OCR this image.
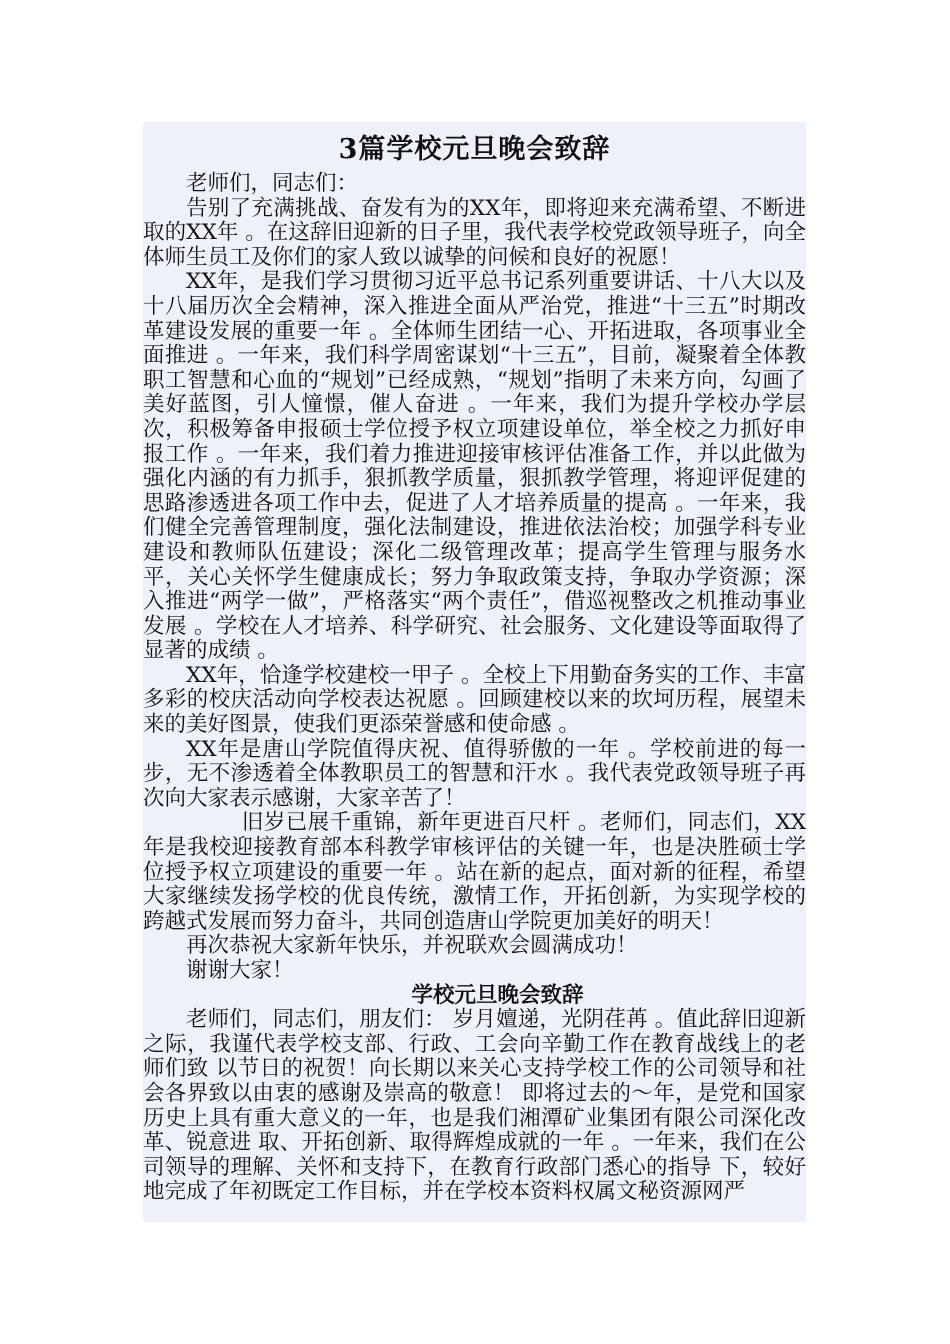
3篇学校元旦晚会致辞

老师们，同志们：

告别了充满挑战、奋发有为的XX年，即将迎来充满希望、不断进取的XX年 。在这辞旧迎新的日子里，我代表学校党政领导班子，向全体师生员工及你们的家人致以诚挚的问候和良好的祝愿！

XX年，是我们学习贯彻习近平总书记系列重要讲话、十八大以及十八届历次全会精神，深入推进全面从严治党，推进“十三五”时期改革建设发展的重要一年 。全体师生团结一心、开拓进取，各项事业全面推进 。一年来，我们科学周密谋划“十三五”，目前，凝聚着全体教职工智慧和心血的“规划”已经成熟，“规划”指明了未来方向，勾画了美好蓝图，引人憧憬，催人奋进 。一年来，我们为提升学校办学层次，积极筹备申报硕士学位授予权立项建设单位，举全校之力抓好申报工作 。一年来，我们着力推进迎接审核评估准备工作，并以此做为强化内涵的有力抓手，狠抓教学质量，狠抓教学管理，将迎评促建的思路渗透进各项工作中去，促进了人才培养质量的提高 。一年来，我们健全完善管理制度，强化法制建设，推进依法治校；加强学科专业建设和教师队伍建设；深化二级管理改革；提高学生管理与服务水平，关心关怀学生健康成长；努力争取政策支持，争取办学资源；深入推进“两学一做”，严格落实“两个责任”，借巡视整改之机推动事业发展 。学校在人才培养、科学研究、社会服务、文化建设等面取得了显著的成绩 。

XX年，恰逢学校建校一甲子 。全校上下用勤奋务实的工作、丰富多彩的校庆活动向学校表达祝愿 。回顾建校以来的坎坷历程，展望未来的美好图景，使我们更添荣誉感和使命感 。

XX年是唐山学院值得庆祝、值得骄傲的一年 。学校前进的每一步，无不渗透着全体教职员工的智慧和汗水 。我代表党政领导班子再次向大家表示感谢，大家辛苦了！

旧岁已展千重锦，新年更进百尺杆 。老师们，同志们，XX年是我校迎接教育部本科教学审核评估的关键一年，也是决胜硕士学位授予权立项建设的重要一年 。站在新的起点，面对新的征程，希望大家继续发扬学校的优良传统，激情工作，开拓创新，为实现学校的跨越式发展而努力奋斗，共同创造唐山学院更加美好的明天！

再次恭祝大家新年快乐，并祝联欢会圆满成功！

谢谢大家！

学校元旦晚会致辞

老师们，同志们，朋友们： 岁月嬗递，光阴荏苒 。值此辞旧迎新之际，我谨代表学校支部、行政、工会向辛勤工作在教育战线上的老师们致 以节日的祝贺！向长期以来关心支持学校工作的公司领导和社会各界致以由衷的感谢及崇高的敬意！ 即将过去的～年，是党和国家历史上具有重大意义的一年，也是我们湘潭矿业集团有限公司深化改革、锐意进 取、开拓创新、取得辉煌成就的一年 。一年来，我们在公司领导的理解、关怀和支持下，在教育行政部门悉心的指导 下，较好地完成了年初既定工作目标，并在学校本资料权属文秘资源网严
